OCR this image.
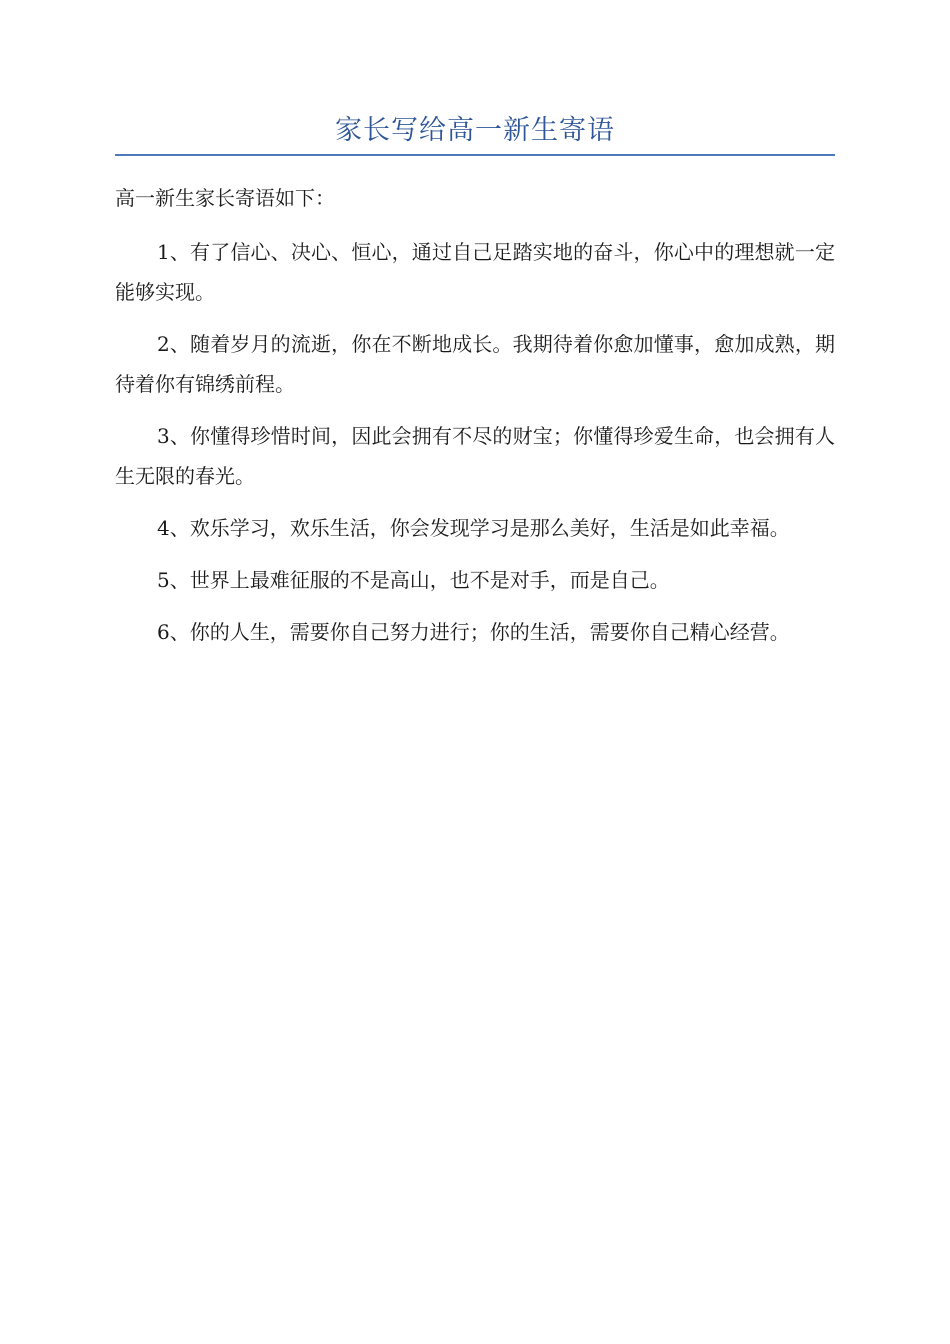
家长写给高一新生寄语

高一新生家长寄语如下：

1、有了信心、决心、恒心，通过自己足踏实地的奋斗，你心中的理想就一定能够实现。

2、随着岁月的流逝，你在不断地成长。我期待着你愈加懂事，愈加成熟，期待着你有锦绣前程。

3、你懂得珍惜时间，因此会拥有不尽的财宝；你懂得珍爱生命，也会拥有人生无限的春光。

4、欢乐学习，欢乐生活，你会发现学习是那么美好，生活是如此幸福。

5、世界上最难征服的不是高山，也不是对手，而是自己。

6、你的人生，需要你自己努力进行；你的生活，需要你自己精心经营。
